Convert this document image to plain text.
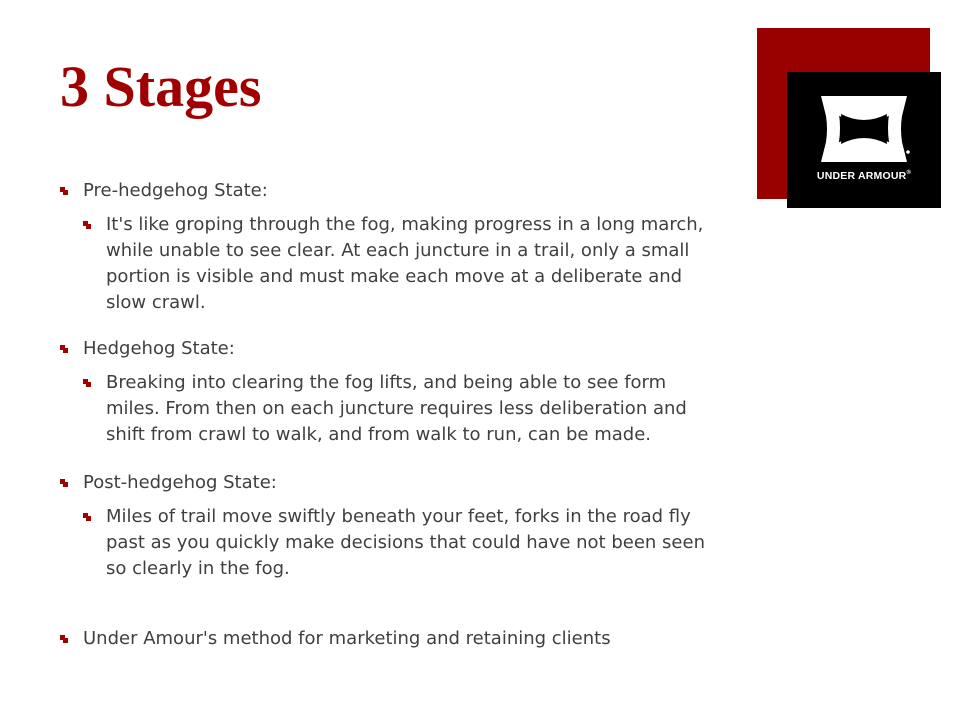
3 Stages

Pre-hedgehog State:

It's like groping through the fog, making progress in a long march, while unable to see clear. At each juncture in a trail, only a small portion is visible and must make each move at a deliberate and slow crawl.

Hedgehog State:

Breaking into clearing the fog lifts, and being able to see form miles. From then on each juncture requires less deliberation and shift from crawl to walk, and from walk to run, can be made.

Post-hedgehog State:

Miles of trail move swiftly beneath your feet, forks in the road fly past as you quickly make decisions that could have not been seen so clearly in the fog.

Under Amour's method for marketing and retaining clients

UNDER ARMOUR®
